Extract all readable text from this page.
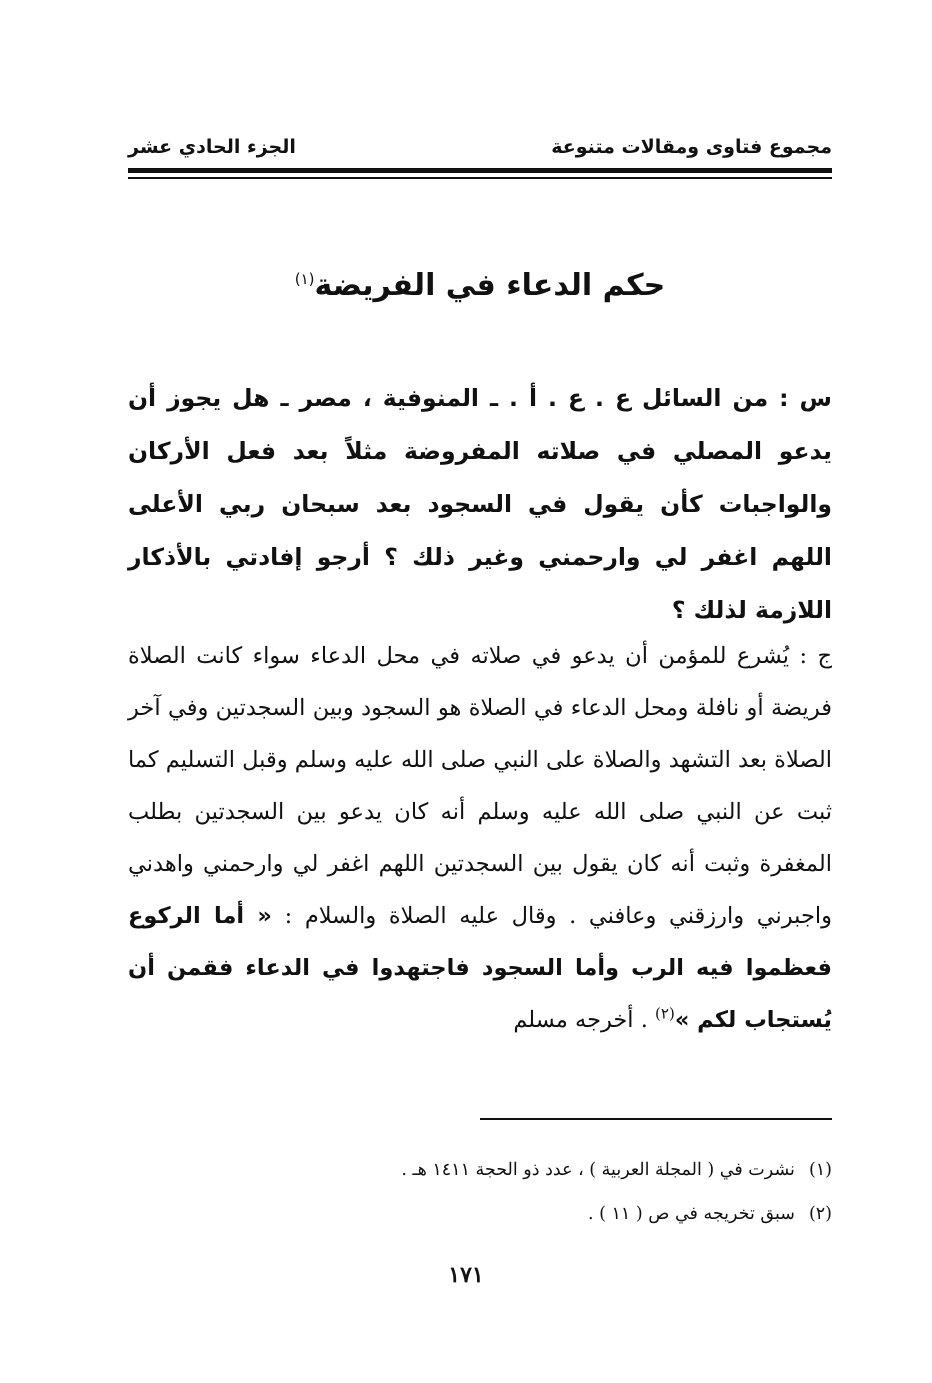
مجموع فتاوى ومقالات متنوعة
الجزء الحادي عشر
حكم الدعاء في الفريضة$^{(١)}$
س : من السائل ع . ع . أ . ـ المنوفية ، مصر ـ هل يجوز أن يدعو المصلي في صلاته المفروضة مثلاً بعد فعل الأركان والواجبات كأن يقول في السجود بعد سبحان ربي الأعلى اللهم اغفر لي وارحمني وغير ذلك ؟ أرجو إفادتي بالأذكار اللازمة لذلك ؟
ج : يُشرع للمؤمن أن يدعو في صلاته في محل الدعاء سواء كانت الصلاة فريضة أو نافلة ومحل الدعاء في الصلاة هو السجود وبين السجدتين وفي آخر الصلاة بعد التشهد والصلاة على النبي صلى الله عليه وسلم وقبل التسليم كما ثبت عن النبي صلى الله عليه وسلم أنه كان يدعو بين السجدتين بطلب المغفرة وثبت أنه كان يقول بين السجدتين اللهم اغفر لي وارحمني واهدني واجبرني وارزقني وعافني . وقال عليه الصلاة والسلام : « أما الركوع فعظموا فيه الرب وأما السجود فاجتهدوا في الدعاء فقمن أن يُستجاب لكم »$^{(٢)}$ . أخرجه مسلم
(١)
نشرت في ( المجلة العربية ) ، عدد ذو الحجة ١٤١١ هـ .
(٢)
سبق تخريجه في ص ( ١١ ) .
١٧١
